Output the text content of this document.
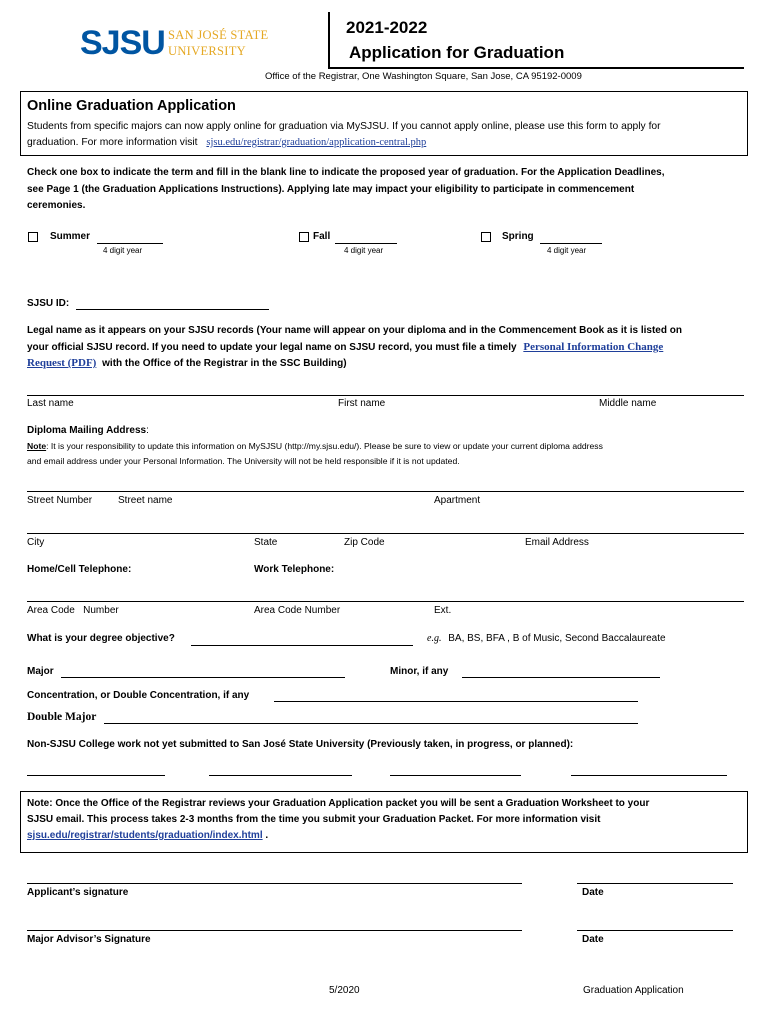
SJSU SAN JOSÉ STATE
UNIVERSITY
2021-2022
Application for Graduation
Office of the Registrar, One Washington Square, San Jose, CA 95192-0009
Online Graduation Application
Students from specific majors can now apply online for graduation via MySJSU. If you cannot apply online, please use this form to apply for
graduation. For more information visit sjsu.edu/registrar/graduation/application-central.php
Check one box to indicate the term and fill in the blank line to indicate the proposed year of graduation. For the Application Deadlines,
see Page 1 (the Graduation Applications Instructions). Applying late may impact your eligibility to participate in commencement
ceremonies.
Summer
4 digit year
Fall
4 digit year
Spring
4 digit year
SJSU ID:
Legal name as it appears on your SJSU records (Your name will appear on your diploma and in the Commencement Book as it is listed on
your official SJSU record. If you need to update your legal name on SJSU record, you must file a timely Personal Information Change
Request (PDF) with the Office of the Registrar in the SSC Building)
Last name	First name	Middle name
Diploma Mailing Address:
Note: It is your responsibility to update this information on MySJSU (http://my.sjsu.edu/). Please be sure to view or update your current diploma address
and email address under your Personal Information. The University will not be held responsible if it is not updated.
Street Number	Street name	Apartment
City	State	Zip Code	Email Address
Home/Cell Telephone:	Work Telephone:
Area Code   Number	Area Code Number	Ext.
What is your degree objective?	e.g. BA, BS, BFA , B of Music, Second Baccalaureate
Major	Minor, if any
Concentration, or Double Concentration, if any
Double Major
Non-SJSU College work not yet submitted to San José State University (Previously taken, in progress, or planned):
Note: Once the Office of the Registrar reviews your Graduation Application packet you will be sent a Graduation Worksheet to your
SJSU email. This process takes 2-3 months from the time you submit your Graduation Packet. For more information visit
sjsu.edu/registrar/students/graduation/index.html .
Applicant’s signature	Date
Major Advisor’s Signature	Date
5/2020	Graduation Application
